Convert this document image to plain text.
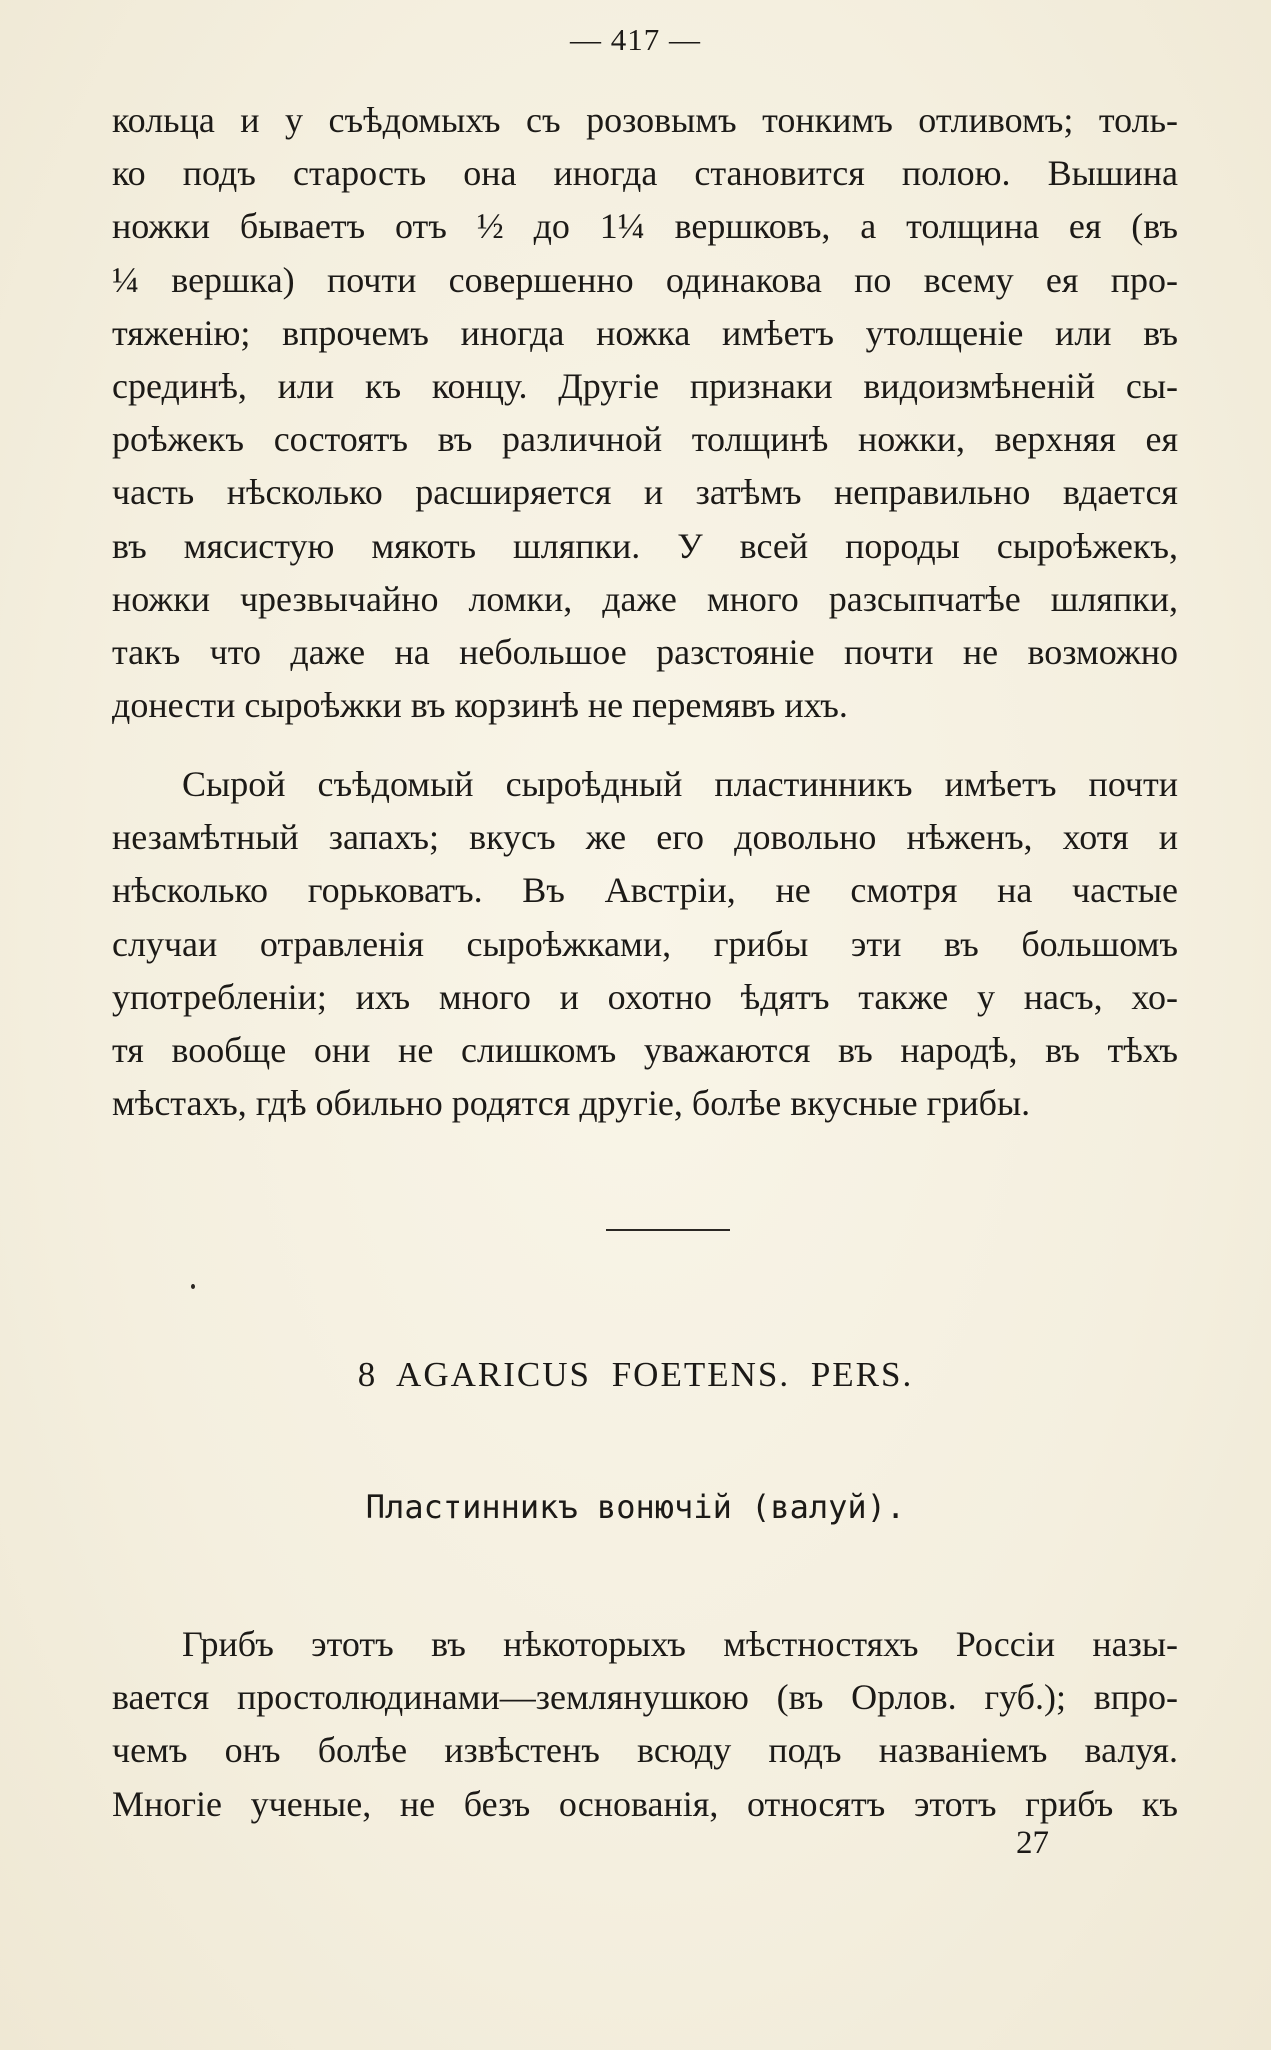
— 417 —
кольца и у съѣдомыхъ съ розовымъ тонкимъ отливомъ; толь-
ко подъ старость она иногда становится полою. Вышина
ножки бываетъ отъ ½ до 1¼ вершковъ, а толщина ея (въ
¼ вершка) почти совершенно одинакова по всему ея про-
тяженію; впрочемъ иногда ножка имѣетъ утолщеніе или въ
срединѣ, или къ концу. Другіе признаки видоизмѣненій сы-
роѣжекъ состоятъ въ различной толщинѣ ножки, верхняя ея
часть нѣсколько расширяется и затѣмъ неправильно вдается
въ мясистую мякоть шляпки. У всей породы сыроѣжекъ,
ножки чрезвычайно ломки, даже много разсыпчатѣе шляпки,
такъ что даже на небольшое разстояніе почти не возможно
донести сыроѣжки въ корзинѣ не перемявъ ихъ.
Сырой съѣдомый сыроѣдный пластинникъ имѣетъ почти
незамѣтный запахъ; вкусъ же его довольно нѣженъ, хотя и
нѣсколько горьковатъ. Въ Австріи, не смотря на частые
случаи отравленія сыроѣжками, грибы эти въ большомъ
употребленіи; ихъ много и охотно ѣдятъ также у насъ, хо-
тя вообще они не слишкомъ уважаются въ народѣ, въ тѣхъ
мѣстахъ, гдѣ обильно родятся другіе, болѣе вкусные грибы.
8 AGARICUS FOETENS. PERS.
Пластинникъ вонючій (валуй).
Грибъ этотъ въ нѣкоторыхъ мѣстностяхъ Россіи назы-
вается простолюдинами—землянушкою (въ Орлов. губ.); впро-
чемъ онъ болѣе извѣстенъ всюду подъ названіемъ валуя.
Многіе ученые, не безъ основанія, относятъ этотъ грибъ къ
27
